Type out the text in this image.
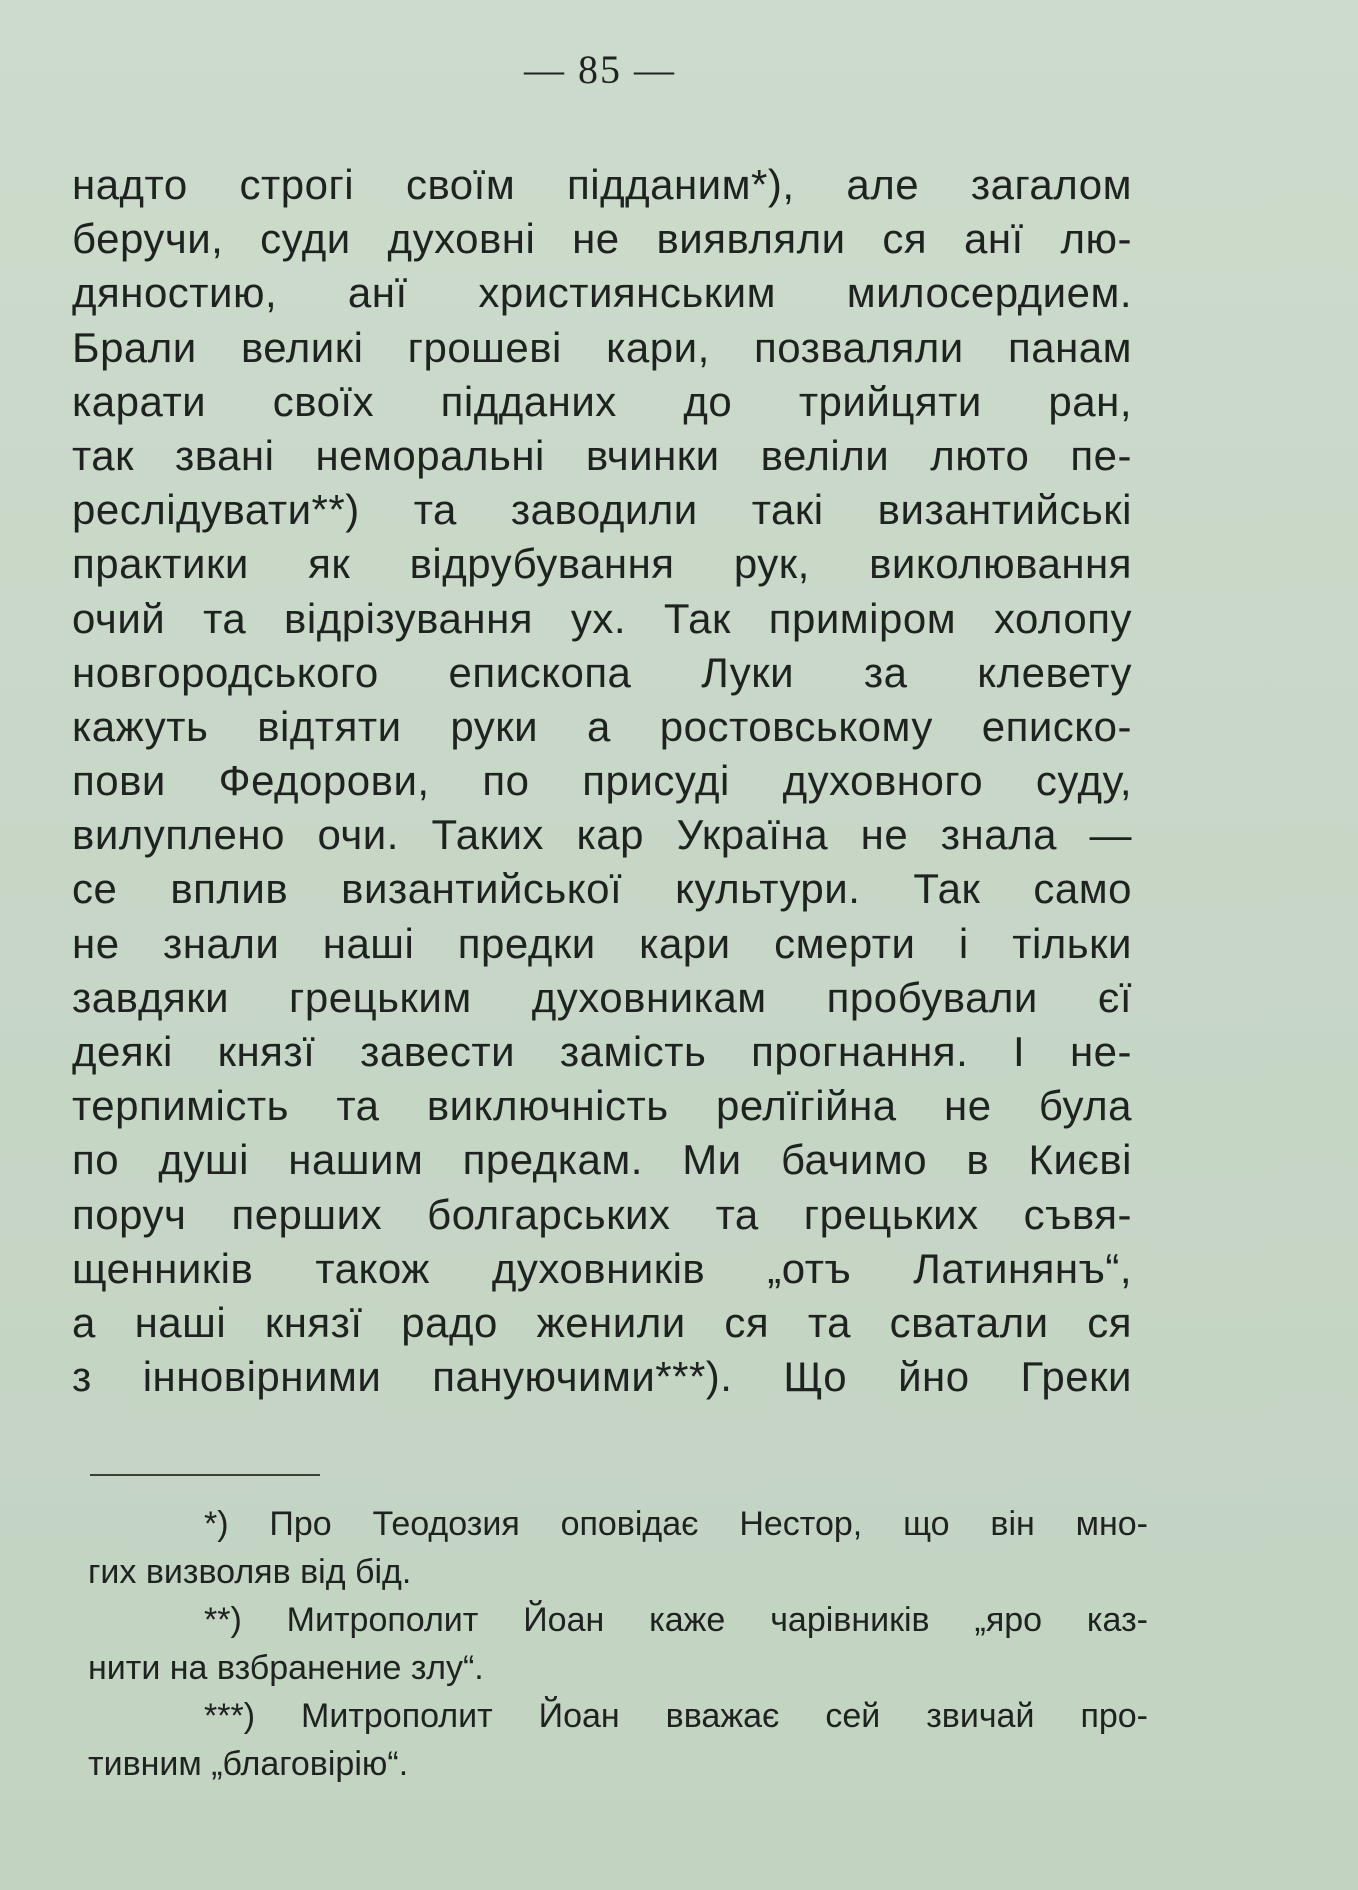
— 85 —
надто строгі своїм підданим*), але загалом
беручи, суди духовні не виявляли ся анї лю-
дяностию, анї християнським милосердием.
Брали великі грошеві кари, позваляли панам
карати своїх підданих до трийцяти ран,
так звані неморальні вчинки веліли люто пе-
реслідувати**) та заводили такі византийські
практики як відрубування рук, виколювання
очий та відрізування ух. Так приміром холопу
новгородського епископа Луки за клевету
кажуть відтяти руки а ростовському еписко-
пови Федорови, по присуді духовного суду,
вилуплено очи. Таких кар Україна не знала —
се вплив византийської культури. Так само
не знали наші предки кари смерти і тільки
завдяки грецьким духовникам пробували єї
деякі князї завести замість прогнання. І не-
терпимість та виключність релїгійна не була
по душі нашим предкам. Ми бачимо в Києві
поруч перших болгарських та грецьких съвя-
щенників також духовників „отъ Латинянъ“,
а наші князї радо женили ся та сватали ся
з інновірними пануючими***). Що йно Греки
*) Про Теодозия оповідає Нестор, що він мно-
гих визволяв від бід.
**) Митрополит Йоан каже чарівників „яро каз-
нити на взбранение злу“.
***) Митрополит Йоан вважає сей звичай про-
тивним „благовірію“.
